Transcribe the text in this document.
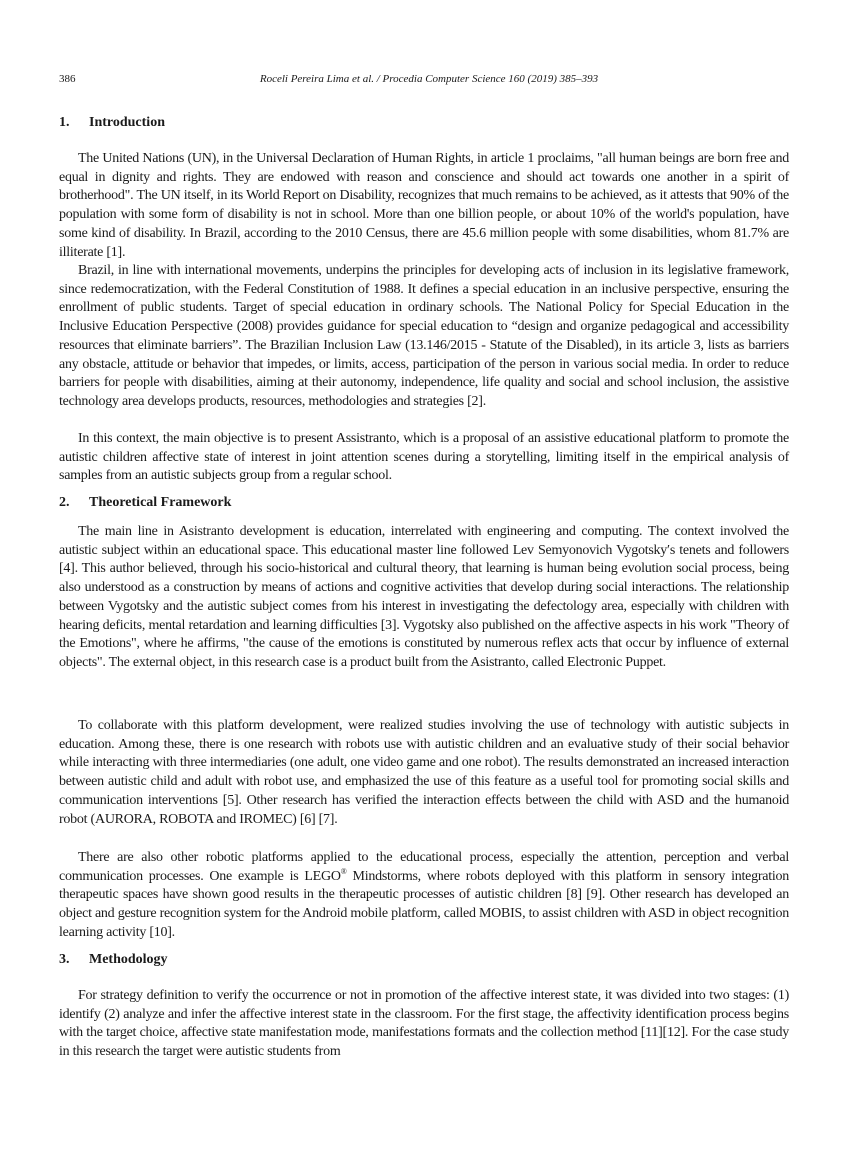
386	Roceli Pereira Lima et al. / Procedia Computer Science 160 (2019) 385–393
1. Introduction

The United Nations (UN), in the Universal Declaration of Human Rights, in article 1 proclaims, "all human beings are born free and equal in dignity and rights. They are endowed with reason and conscience and should act towards one another in a spirit of brotherhood". The UN itself, in its World Report on Disability, recognizes that much remains to be achieved, as it attests that 90% of the population with some form of disability is not in school. More than one billion people, or about 10% of the world's population, have some kind of disability. In Brazil, according to the 2010 Census, there are 45.6 million people with some disabilities, whom 81.7% are illiterate [1].

Brazil, in line with international movements, underpins the principles for developing acts of inclusion in its legislative framework, since redemocratization, with the Federal Constitution of 1988. It defines a special education in an inclusive perspective, ensuring the enrollment of public students. Target of special education in ordinary schools. The National Policy for Special Education in the Inclusive Education Perspective (2008) provides guidance for special education to “design and organize pedagogical and accessibility resources that eliminate barriers”. The Brazilian Inclusion Law (13.146/2015 - Statute of the Disabled), in its article 3, lists as barriers any obstacle, attitude or behavior that impedes, or limits, access, participation of the person in various social media. In order to reduce barriers for people with disabilities, aiming at their autonomy, independence, life quality and social and school inclusion, the assistive technology area develops products, resources, methodologies and strategies [2].

In this context, the main objective is to present Assistranto, which is a proposal of an assistive educational platform to promote the autistic children affective state of interest in joint attention scenes during a storytelling, limiting itself in the empirical analysis of samples from an autistic subjects group from a regular school.

2. Theoretical Framework

The main line in Asistranto development is education, interrelated with engineering and computing. The context involved the autistic subject within an educational space. This educational master line followed Lev Semyonovich Vygotsky′s tenets and followers [4]. This author believed, through his socio-historical and cultural theory, that learning is human being evolution social process, being also understood as a construction by means of actions and cognitive activities that develop during social interactions. The relationship between Vygotsky and the autistic subject comes from his interest in investigating the defectology area, especially with children with hearing deficits, mental retardation and learning difficulties [3]. Vygotsky also published on the affective aspects in his work "Theory of the Emotions", where he affirms, "the cause of the emotions is constituted by numerous reflex acts that occur by influence of external objects". The external object, in this research case is a product built from the Asistranto, called Electronic Puppet.

To collaborate with this platform development, were realized studies involving the use of technology with autistic subjects in education. Among these, there is one research with robots use with autistic children and an evaluative study of their social behavior while interacting with three intermediaries (one adult, one video game and one robot). The results demonstrated an increased interaction between autistic child and adult with robot use, and emphasized the use of this feature as a useful tool for promoting social skills and communication interventions [5]. Other research has verified the interaction effects between the child with ASD and the humanoid robot (AURORA, ROBOTA and IROMEC) [6] [7].

There are also other robotic platforms applied to the educational process, especially the attention, perception and verbal communication processes. One example is LEGO® Mindstorms, where robots deployed with this platform in sensory integration therapeutic spaces have shown good results in the therapeutic processes of autistic children [8] [9]. Other research has developed an object and gesture recognition system for the Android mobile platform, called MOBIS, to assist children with ASD in object recognition learning activity [10].

3. Methodology

For strategy definition to verify the occurrence or not in promotion of the affective interest state, it was divided into two stages: (1) identify (2) analyze and infer the affective interest state in the classroom. For the first stage, the affectivity identification process begins with the target choice, affective state manifestation mode, manifestations formats and the collection method [11][12]. For the case study in this research the target were autistic students from
